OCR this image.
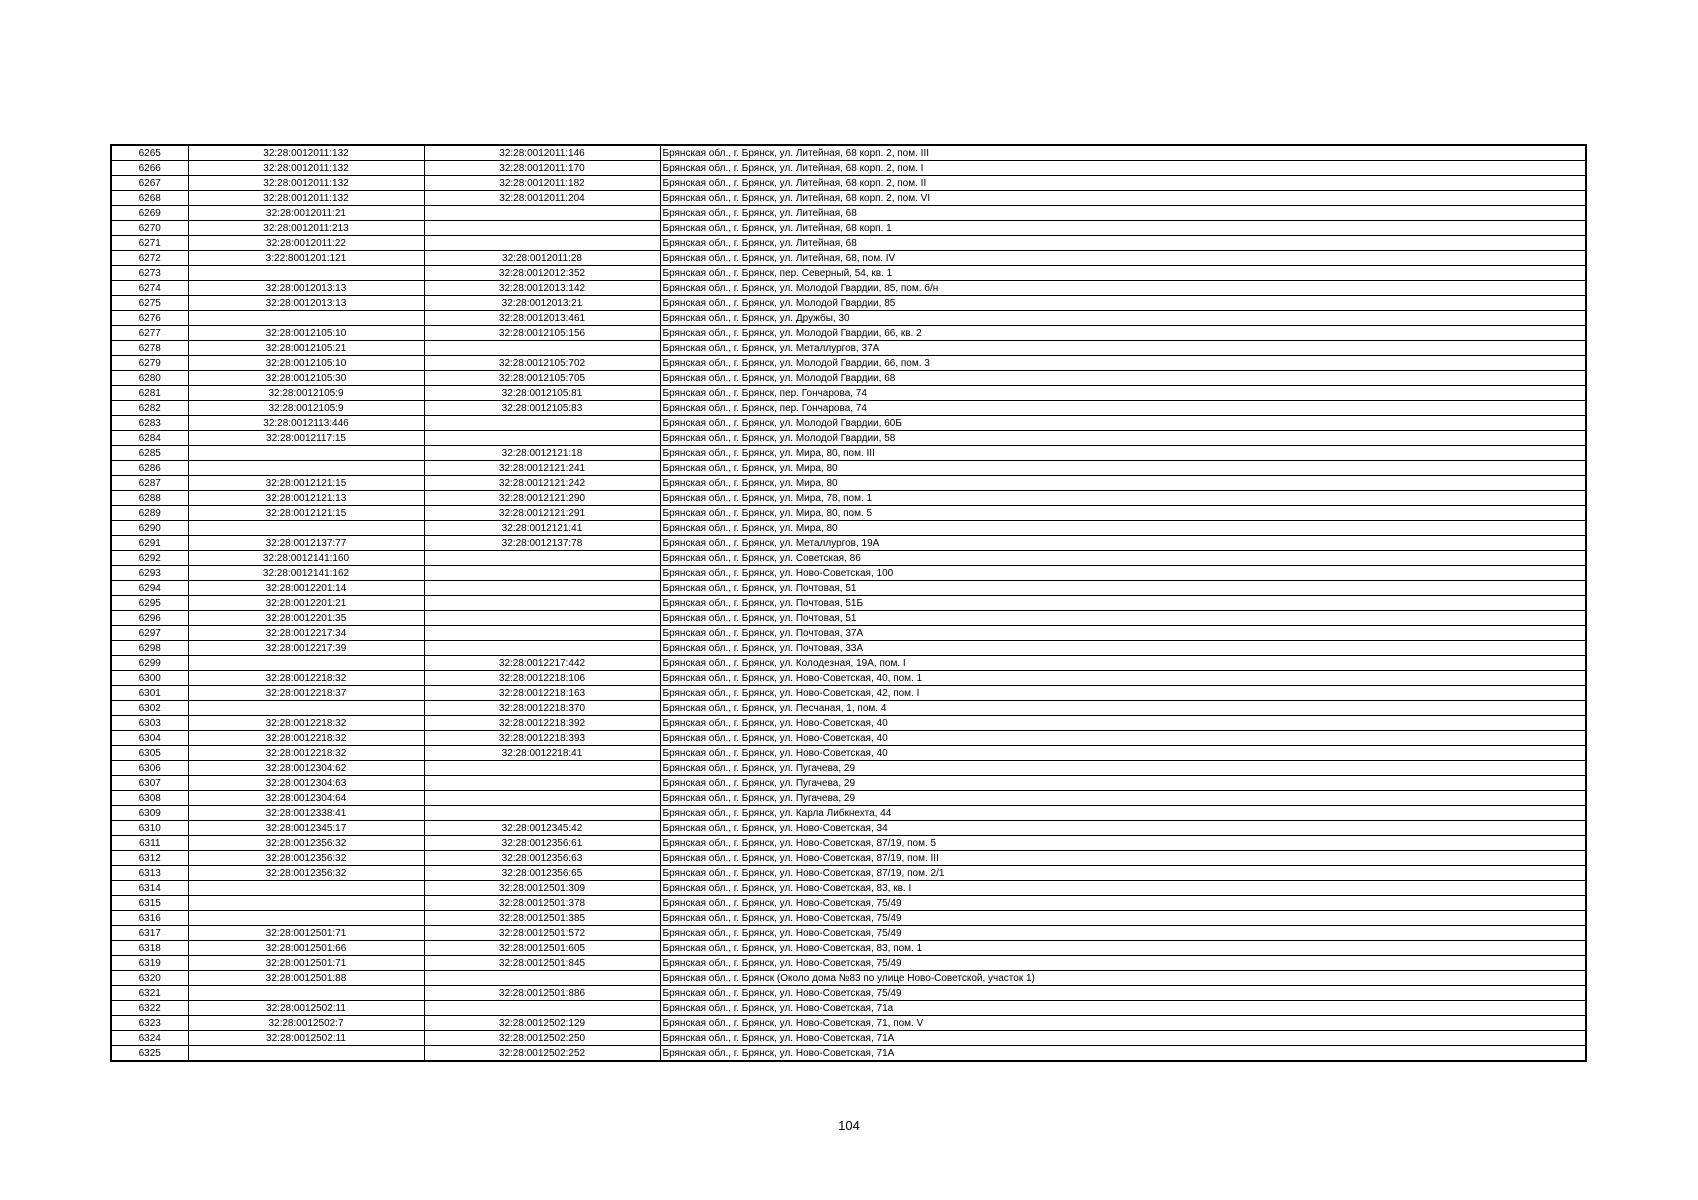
6265	32:28:0012011:132	32:28:0012011:146	Брянская обл., г. Брянск, ул. Литейная, 68 корп. 2, пом. III
6266	32:28:0012011:132	32:28:0012011:170	Брянская обл., г. Брянск, ул. Литейная, 68 корп. 2, пом. I
6267	32:28:0012011:132	32:28:0012011:182	Брянская обл., г. Брянск, ул. Литейная, 68 корп. 2, пом. II
6268	32:28:0012011:132	32:28:0012011:204	Брянская обл., г. Брянск, ул. Литейная, 68 корп. 2, пом. VI
6269	32:28:0012011:21		Брянская обл., г. Брянск, ул. Литейная, 68
6270	32:28:0012011:213		Брянская обл., г. Брянск, ул. Литейная, 68 корп. 1
6271	32:28:0012011:22		Брянская обл., г. Брянск, ул. Литейная, 68
6272	3:22:8001201:121	32:28:0012011:28	Брянская обл., г. Брянск, ул. Литейная, 68, пом. IV
6273		32:28:0012012:352	Брянская обл., г. Брянск, пер. Северный, 54, кв. 1
6274	32:28:0012013:13	32:28:0012013:142	Брянская обл., г. Брянск, ул. Молодой Гвардии, 85, пом. б/н
6275	32:28:0012013:13	32:28:0012013:21	Брянская обл., г. Брянск, ул. Молодой Гвардии, 85
6276		32:28:0012013:461	Брянская обл., г. Брянск, ул. Дружбы, 30
6277	32:28:0012105:10	32:28:0012105:156	Брянская обл., г. Брянск, ул. Молодой Гвардии, 66, кв. 2
6278	32:28:0012105:21		Брянская обл., г. Брянск, ул. Металлургов, 37А
6279	32:28:0012105:10	32:28:0012105:702	Брянская обл., г. Брянск, ул. Молодой Гвардии, 66, пом. 3
6280	32:28:0012105:30	32:28:0012105:705	Брянская обл., г. Брянск, ул. Молодой Гвардии, 68
6281	32:28:0012105:9	32:28:0012105:81	Брянская обл., г. Брянск, пер. Гончарова, 74
6282	32:28:0012105:9	32:28:0012105:83	Брянская обл., г. Брянск, пер. Гончарова, 74
6283	32:28:0012113:446		Брянская обл., г. Брянск, ул. Молодой Гвардии, 60Б
6284	32:28:0012117:15		Брянская обл., г. Брянск, ул. Молодой Гвардии, 58
6285		32:28:0012121:18	Брянская обл., г. Брянск, ул. Мира, 80, пом. III
6286		32:28:0012121:241	Брянская обл., г. Брянск, ул. Мира, 80
6287	32:28:0012121:15	32:28:0012121:242	Брянская обл., г. Брянск, ул. Мира, 80
6288	32:28:0012121:13	32:28:0012121:290	Брянская обл., г. Брянск, ул. Мира, 78, пом. 1
6289	32:28:0012121:15	32:28:0012121:291	Брянская обл., г. Брянск, ул. Мира, 80, пом. 5
6290		32:28:0012121:41	Брянская обл., г. Брянск, ул. Мира, 80
6291	32:28:0012137:77	32:28:0012137:78	Брянская обл., г. Брянск, ул. Металлургов, 19А
6292	32:28:0012141:160		Брянская обл., г. Брянск, ул. Советская, 86
6293	32:28:0012141:162		Брянская обл., г. Брянск, ул. Ново-Советская, 100
6294	32:28:0012201:14		Брянская обл., г. Брянск, ул. Почтовая, 51
6295	32:28:0012201:21		Брянская обл., г. Брянск, ул. Почтовая, 51Б
6296	32:28:0012201:35		Брянская обл., г. Брянск, ул. Почтовая, 51
6297	32:28:0012217:34		Брянская обл., г. Брянск, ул. Почтовая, 37А
6298	32:28:0012217:39		Брянская обл., г. Брянск, ул. Почтовая, 33А
6299		32:28:0012217:442	Брянская обл., г. Брянск, ул. Колодезная, 19А, пом. I
6300	32:28:0012218:32	32:28:0012218:106	Брянская обл., г. Брянск, ул. Ново-Советская, 40, пом. 1
6301	32:28:0012218:37	32:28:0012218:163	Брянская обл., г. Брянск, ул. Ново-Советская, 42, пом. I
6302		32:28:0012218:370	Брянская обл., г. Брянск, ул. Песчаная, 1, пом. 4
6303	32:28:0012218:32	32:28:0012218:392	Брянская обл., г. Брянск, ул. Ново-Советская, 40
6304	32:28:0012218:32	32:28:0012218:393	Брянская обл., г. Брянск, ул. Ново-Советская, 40
6305	32:28:0012218:32	32:28:0012218:41	Брянская обл., г. Брянск, ул. Ново-Советская, 40
6306	32:28:0012304:62		Брянская обл., г. Брянск, ул. Пугачева, 29
6307	32:28:0012304:63		Брянская обл., г. Брянск, ул. Пугачева, 29
6308	32:28:0012304:64		Брянская обл., г. Брянск, ул. Пугачева, 29
6309	32:28:0012338:41		Брянская обл., г. Брянск, ул. Карла Либкнехта, 44
6310	32:28:0012345:17	32:28:0012345:42	Брянская обл., г. Брянск, ул. Ново-Советская, 34
6311	32:28:0012356:32	32:28:0012356:61	Брянская обл., г. Брянск, ул. Ново-Советская, 87/19, пом. 5
6312	32:28:0012356:32	32:28:0012356:63	Брянская обл., г. Брянск, ул. Ново-Советская, 87/19, пом. III
6313	32:28:0012356:32	32:28:0012356:65	Брянская обл., г. Брянск, ул. Ново-Советская, 87/19, пом. 2/1
6314		32:28:0012501:309	Брянская обл., г. Брянск, ул. Ново-Советская, 83, кв. I
6315		32:28:0012501:378	Брянская обл., г. Брянск, ул. Ново-Советская, 75/49
6316		32:28:0012501:385	Брянская обл., г. Брянск, ул. Ново-Советская, 75/49
6317	32:28:0012501:71	32:28:0012501:572	Брянская обл., г. Брянск, ул. Ново-Советская, 75/49
6318	32:28:0012501:66	32:28:0012501:605	Брянская обл., г. Брянск, ул. Ново-Советская, 83, пом. 1
6319	32:28:0012501:71	32:28:0012501:845	Брянская обл., г. Брянск, ул. Ново-Советская, 75/49
6320	32:28:0012501:88		Брянская обл., г. Брянск (Около дома №83 по улице Ново-Советской, участок 1)
6321		32:28:0012501:886	Брянская обл., г. Брянск, ул. Ново-Советская, 75/49
6322	32:28:0012502:11		Брянская обл., г. Брянск, ул. Ново-Советская, 71а
6323	32:28:0012502:7	32:28:0012502:129	Брянская обл., г. Брянск, ул. Ново-Советская, 71, пом. V
6324	32:28:0012502:11	32:28:0012502:250	Брянская обл., г. Брянск, ул. Ново-Советская, 71А
6325		32:28:0012502:252	Брянская обл., г. Брянск, ул. Ново-Советская, 71А
104
